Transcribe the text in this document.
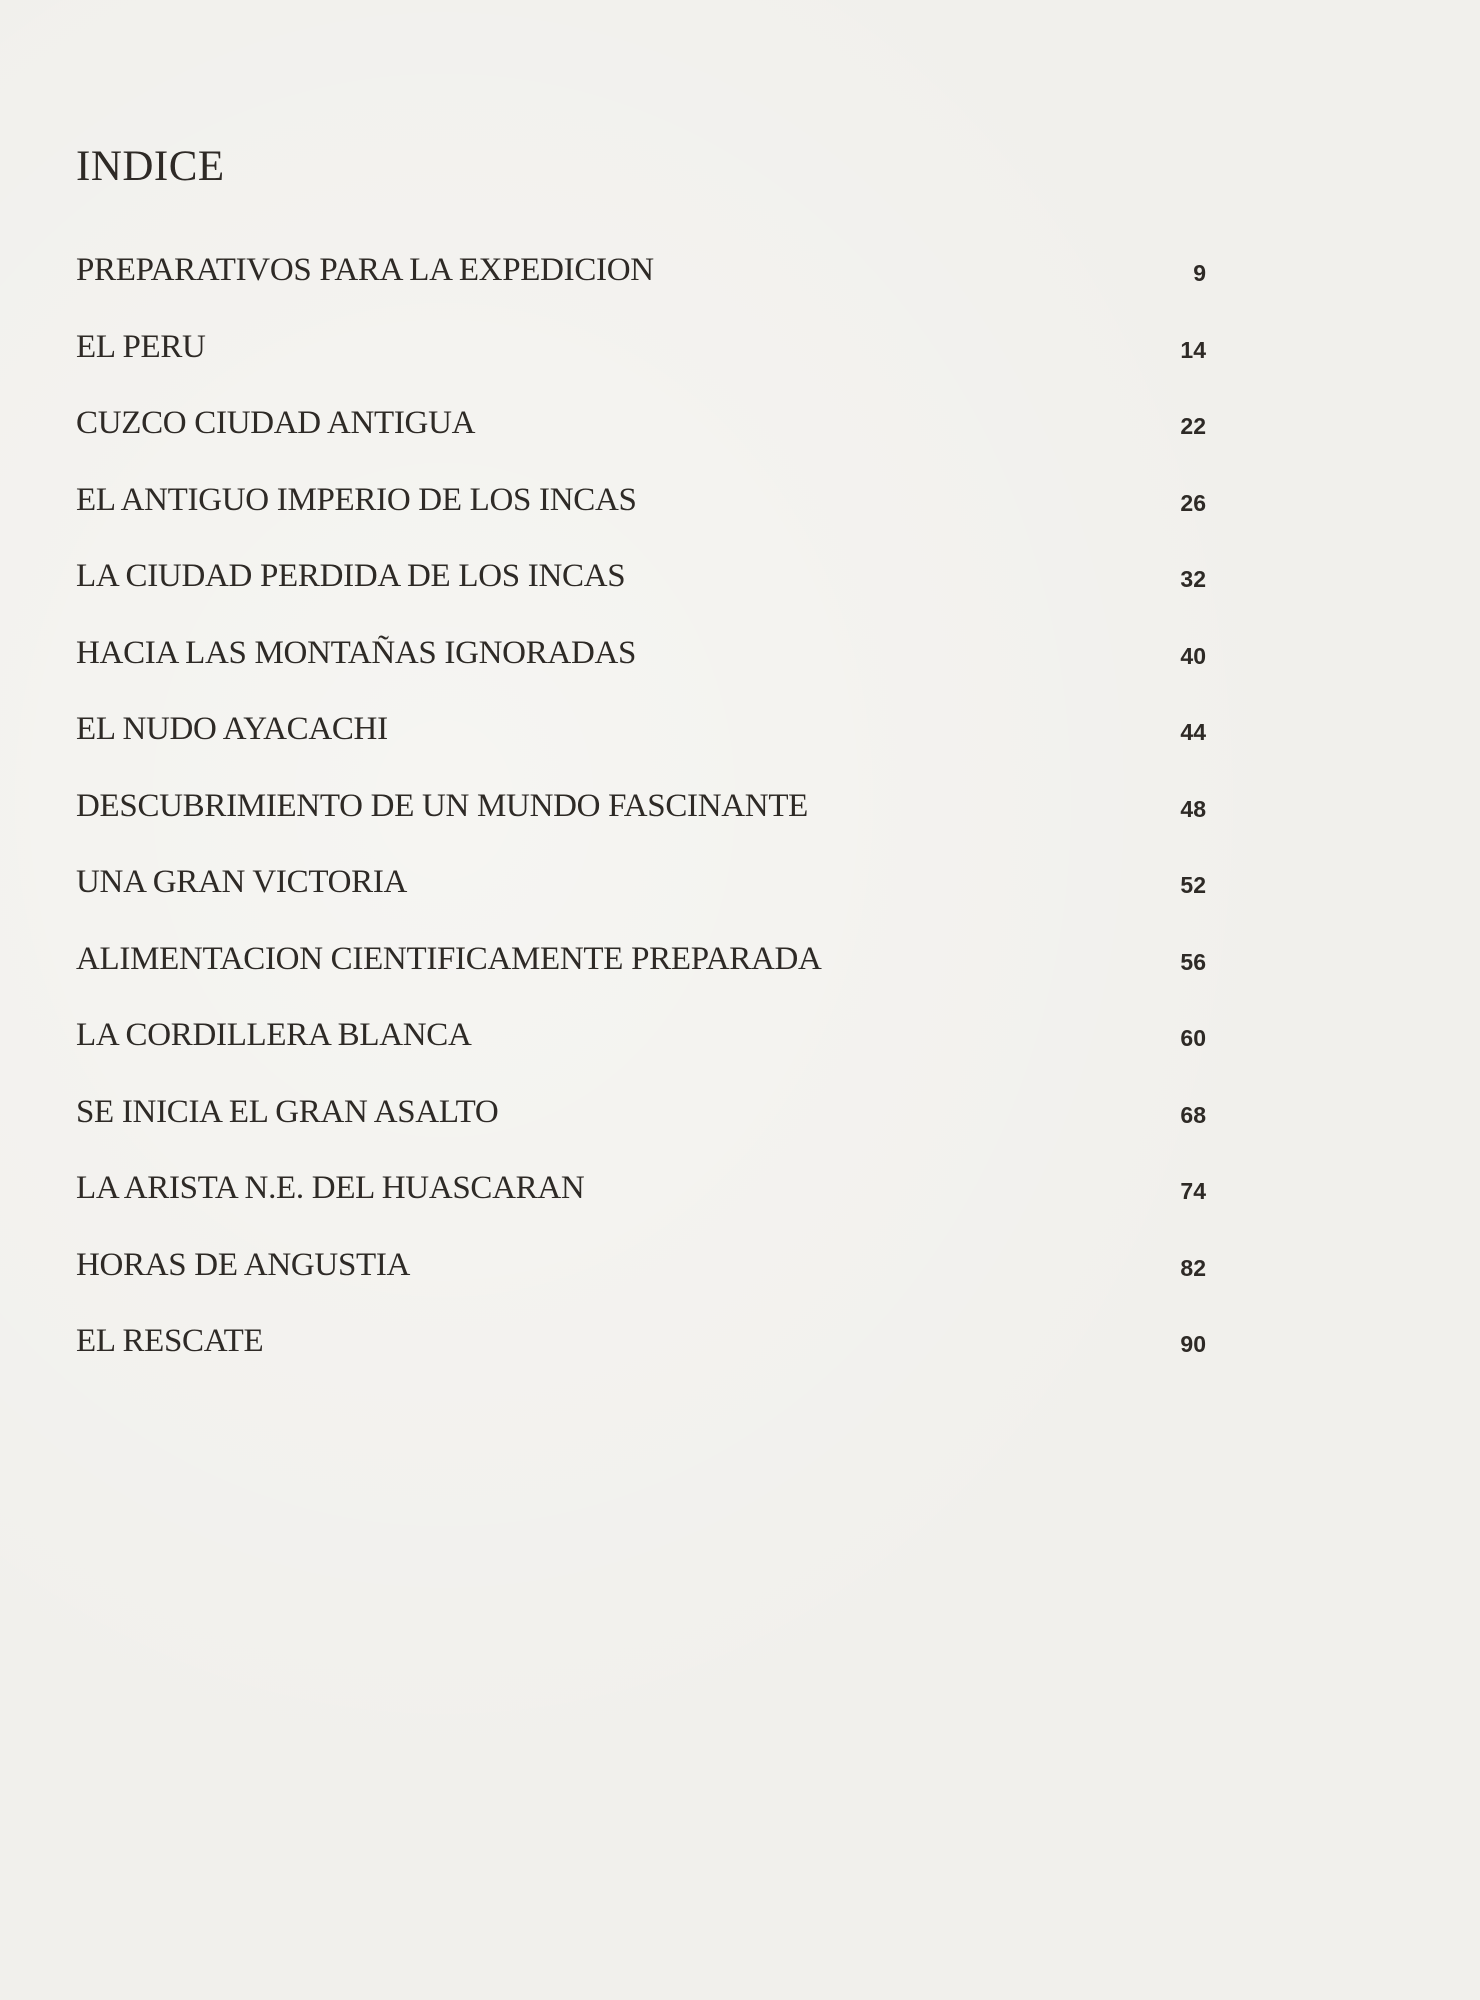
INDICE
PREPARATIVOS PARA LA EXPEDICION	9
EL PERU	14
CUZCO CIUDAD ANTIGUA	22
EL ANTIGUO IMPERIO DE LOS INCAS	26
LA CIUDAD PERDIDA DE LOS INCAS	32
HACIA LAS MONTAÑAS IGNORADAS	40
EL NUDO AYACACHI	44
DESCUBRIMIENTO DE UN MUNDO FASCINANTE	48
UNA GRAN VICTORIA	52
ALIMENTACION CIENTIFICAMENTE PREPARADA	56
LA CORDILLERA BLANCA	60
SE INICIA EL GRAN ASALTO	68
LA ARISTA N.E. DEL HUASCARAN	74
HORAS DE ANGUSTIA	82
EL RESCATE	90
